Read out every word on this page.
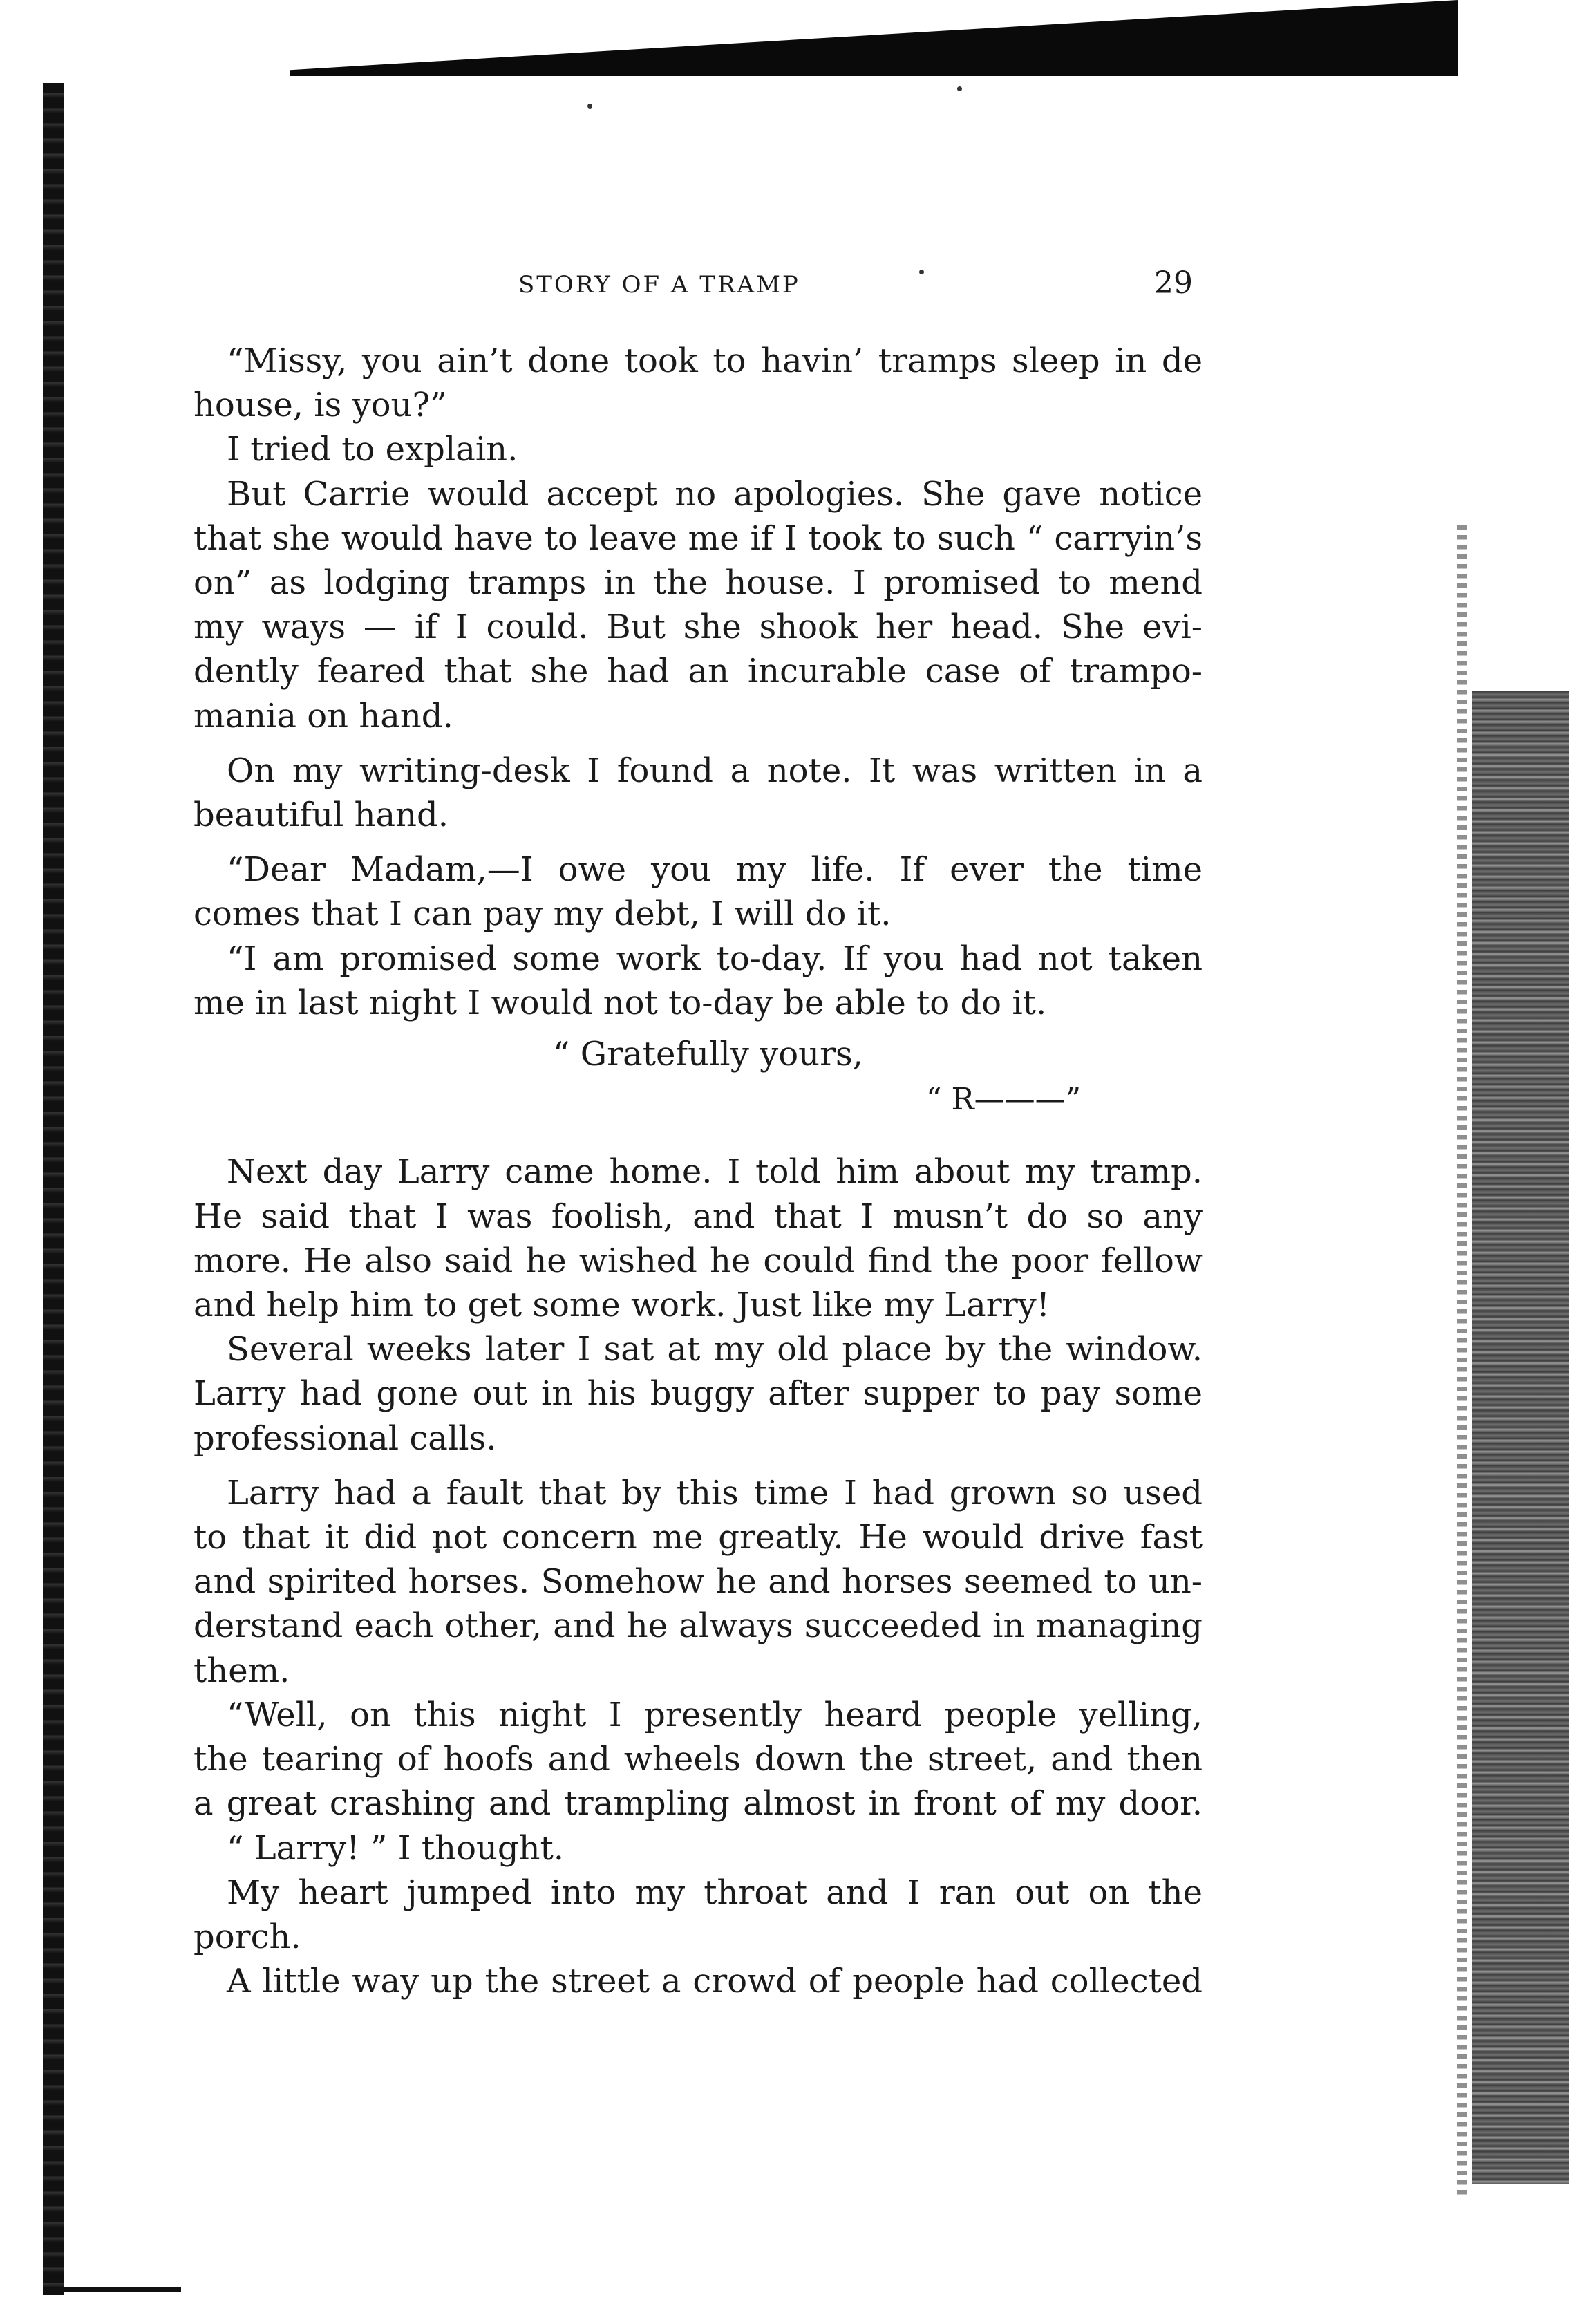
STORY OF A TRAMP	29
“Missy, you ain’t done took to havin’ tramps sleep in de
house, is you?”
I tried to explain.
But Carrie would accept no apologies. She gave notice
that she would have to leave me if I took to such “ carryin’s
on” as lodging tramps in the house. I promised to mend
my ways — if I could. But she shook her head. She evi-
dently feared that she had an incurable case of trampo-
mania on hand.
On my writing-desk I found a note. It was written in a
beautiful hand.
“Dear Madam,—I owe you my life. If ever the time
comes that I can pay my debt, I will do it.
“I am promised some work to-day. If you had not taken
me in last night I would not to-day be able to do it.
“ Gratefully yours,
“ R———”
Next day Larry came home. I told him about my tramp.
He said that I was foolish, and that I musn’t do so any
more. He also said he wished he could find the poor fellow
and help him to get some work. Just like my Larry!
Several weeks later I sat at my old place by the window.
Larry had gone out in his buggy after supper to pay some
professional calls.
Larry had a fault that by this time I had grown so used
to that it did not concern me greatly. He would drive fast
and spirited horses. Somehow he and horses seemed to un-
derstand each other, and he always succeeded in managing
them.
“Well, on this night I presently heard people yelling,
the tearing of hoofs and wheels down the street, and then
a great crashing and trampling almost in front of my door.
“ Larry! ” I thought.
My heart jumped into my throat and I ran out on the
porch.
A little way up the street a crowd of people had collected
